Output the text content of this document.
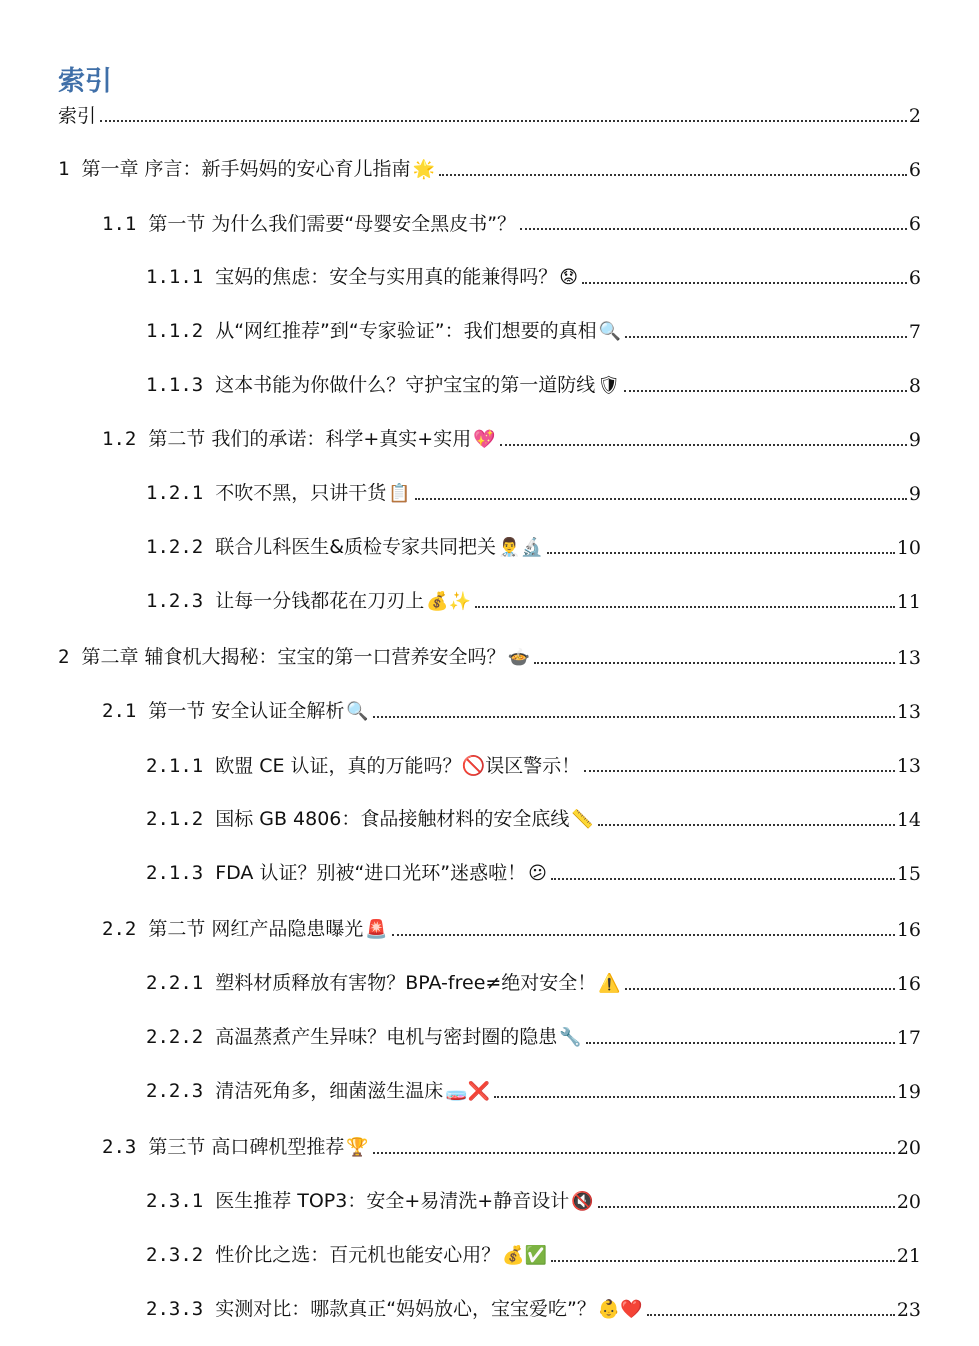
索引
索引	2
1 第一章 序言：新手妈妈的安心育儿指南 🌟	6
1.1 第一节 为什么我们需要“母婴安全黑皮书”？	6
1.1.1 宝妈的焦虑：安全与实用真的能兼得吗？ 😟	6
1.1.2 从“网红推荐”到“专家验证”：我们想要的真相 🔍	7
1.1.3 这本书能为你做什么？守护宝宝的第一道防线 🛡	8
1.2 第二节 我们的承诺：科学+真实+实用 💖	9
1.2.1 不吹不黑，只讲干货 📋	9
1.2.2 联合儿科医生&质检专家共同把关 👨‍⚕️🔬	10
1.2.3 让每一分钱都花在刀刃上 💰✨	11
2 第二章 辅食机大揭秘：宝宝的第一口营养安全吗？ 🍲	13
2.1 第一节 安全认证全解析 🔍	13
2.1.1 欧盟 CE 认证，真的万能吗？🚫误区警示！	13
2.1.2 国标 GB 4806：食品接触材料的安全底线 📏	14
2.1.3 FDA 认证？别被“进口光环”迷惑啦！ 😕	15
2.2 第二节 网红产品隐患曝光 🚨	16
2.2.1 塑料材质释放有害物？BPA-free≠绝对安全！ ⚠️	16
2.2.2 高温蒸煮产生异味？电机与密封圈的隐患 🔧	17
2.2.3 清洁死角多，细菌滋生温床 🧫❌	19
2.3 第三节 高口碑机型推荐 🏆	20
2.3.1 医生推荐 TOP3：安全+易清洗+静音设计 🔇	20
2.3.2 性价比之选：百元机也能安心用？ 💰✅	21
2.3.3 实测对比：哪款真正“妈妈放心，宝宝爱吃”？ 👶❤️	23
